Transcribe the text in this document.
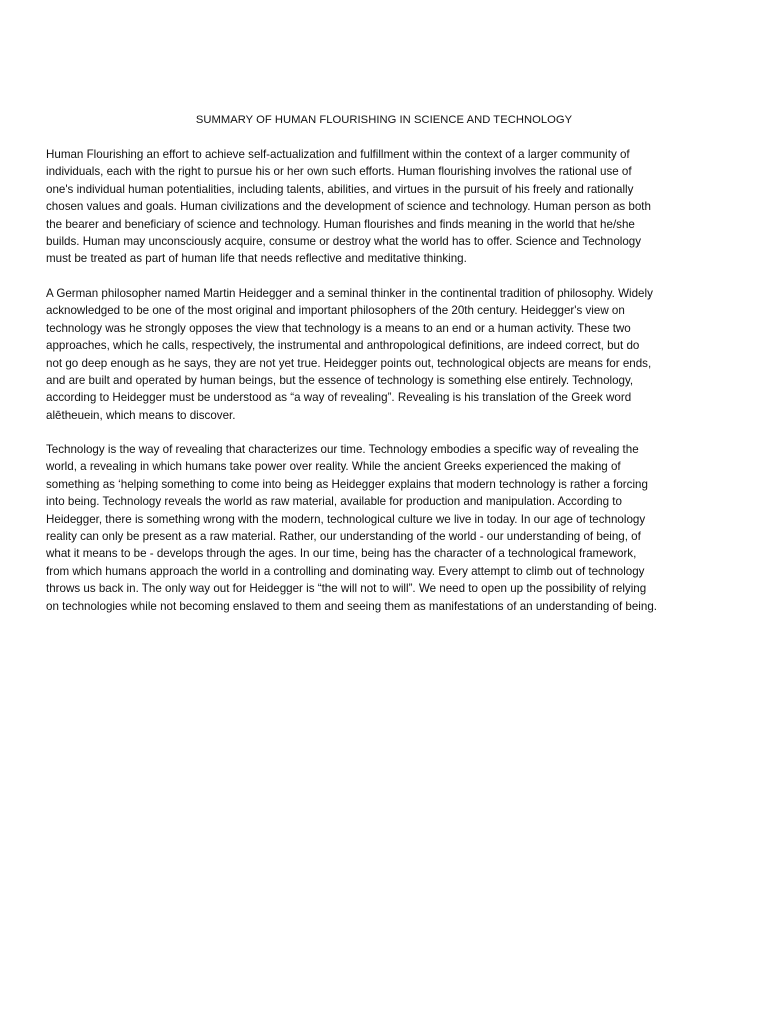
SUMMARY OF HUMAN FLOURISHING IN SCIENCE AND TECHNOLOGY
Human Flourishing an effort to achieve self-actualization and fulfillment within the context of a larger community of
individuals, each with the right to pursue his or her own such efforts. Human flourishing involves the rational use of
one's individual human potentialities, including talents, abilities, and virtues in the pursuit of his freely and rationally
chosen values and goals. Human civilizations and the development of science and technology. Human person as both
the bearer and beneficiary of science and technology. Human flourishes and finds meaning in the world that he/she
builds. Human may unconsciously acquire, consume or destroy what the world has to offer. Science and Technology
must be treated as part of human life that needs reflective and meditative thinking.
A German philosopher named Martin Heidegger and a seminal thinker in the continental tradition of philosophy. Widely
acknowledged to be one of the most original and important philosophers of the 20th century. Heidegger's view on
technology was he strongly opposes the view that technology is a means to an end or a human activity. These two
approaches, which he calls, respectively, the instrumental and anthropological definitions, are indeed correct, but do
not go deep enough as he says, they are not yet true. Heidegger points out, technological objects are means for ends,
and are built and operated by human beings, but the essence of technology is something else entirely. Technology,
according to Heidegger must be understood as “a way of revealing”. Revealing is his translation of the Greek word
alētheuein, which means to discover.
Technology is the way of revealing that characterizes our time. Technology embodies a specific way of revealing the
world, a revealing in which humans take power over reality. While the ancient Greeks experienced the making of
something as ‘helping something to come into being as Heidegger explains that modern technology is rather a forcing
into being. Technology reveals the world as raw material, available for production and manipulation. According to
Heidegger, there is something wrong with the modern, technological culture we live in today. In our age of technology
reality can only be present as a raw material. Rather, our understanding of the world - our understanding of being, of
what it means to be - develops through the ages. In our time, being has the character of a technological framework,
from which humans approach the world in a controlling and dominating way. Every attempt to climb out of technology
throws us back in. The only way out for Heidegger is “the will not to will”. We need to open up the possibility of relying
on technologies while not becoming enslaved to them and seeing them as manifestations of an understanding of being.
